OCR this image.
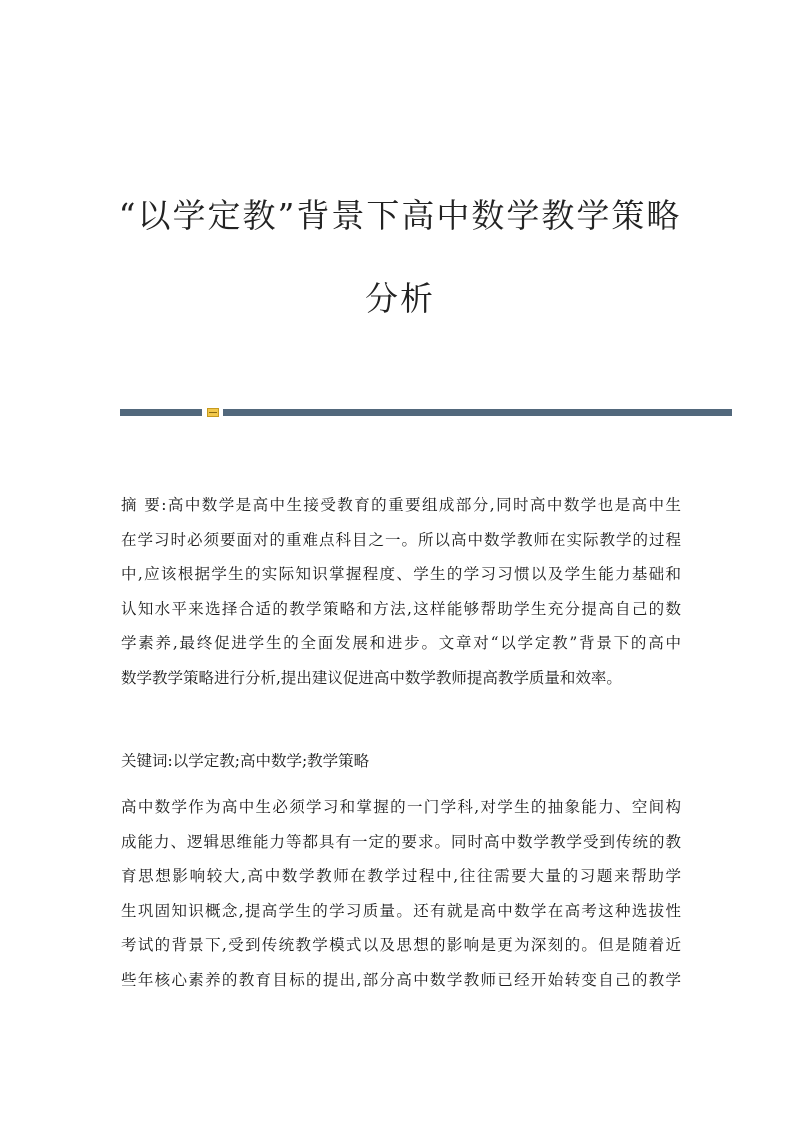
“以学定教”背景下高中数学教学策略
分析
摘 要:高中数学是高中生接受教育的重要组成部分,同时高中数学也是高中生
在学习时必须要面对的重难点科目之一。所以高中数学教师在实际教学的过程
中,应该根据学生的实际知识掌握程度、学生的学习习惯以及学生能力基础和
认知水平来选择合适的教学策略和方法,这样能够帮助学生充分提高自己的数
学素养,最终促进学生的全面发展和进步。文章对“以学定教”背景下的高中
数学教学策略进行分析,提出建议促进高中数学教师提高教学质量和效率。
关键词:以学定教;高中数学;教学策略
高中数学作为高中生必须学习和掌握的一门学科,对学生的抽象能力、空间构
成能力、逻辑思维能力等都具有一定的要求。同时高中数学教学受到传统的教
育思想影响较大,高中数学教师在教学过程中,往往需要大量的习题来帮助学
生巩固知识概念,提高学生的学习质量。还有就是高中数学在高考这种选拔性
考试的背景下,受到传统教学模式以及思想的影响是更为深刻的。但是随着近
些年核心素养的教育目标的提出,部分高中数学教师已经开始转变自己的教学
